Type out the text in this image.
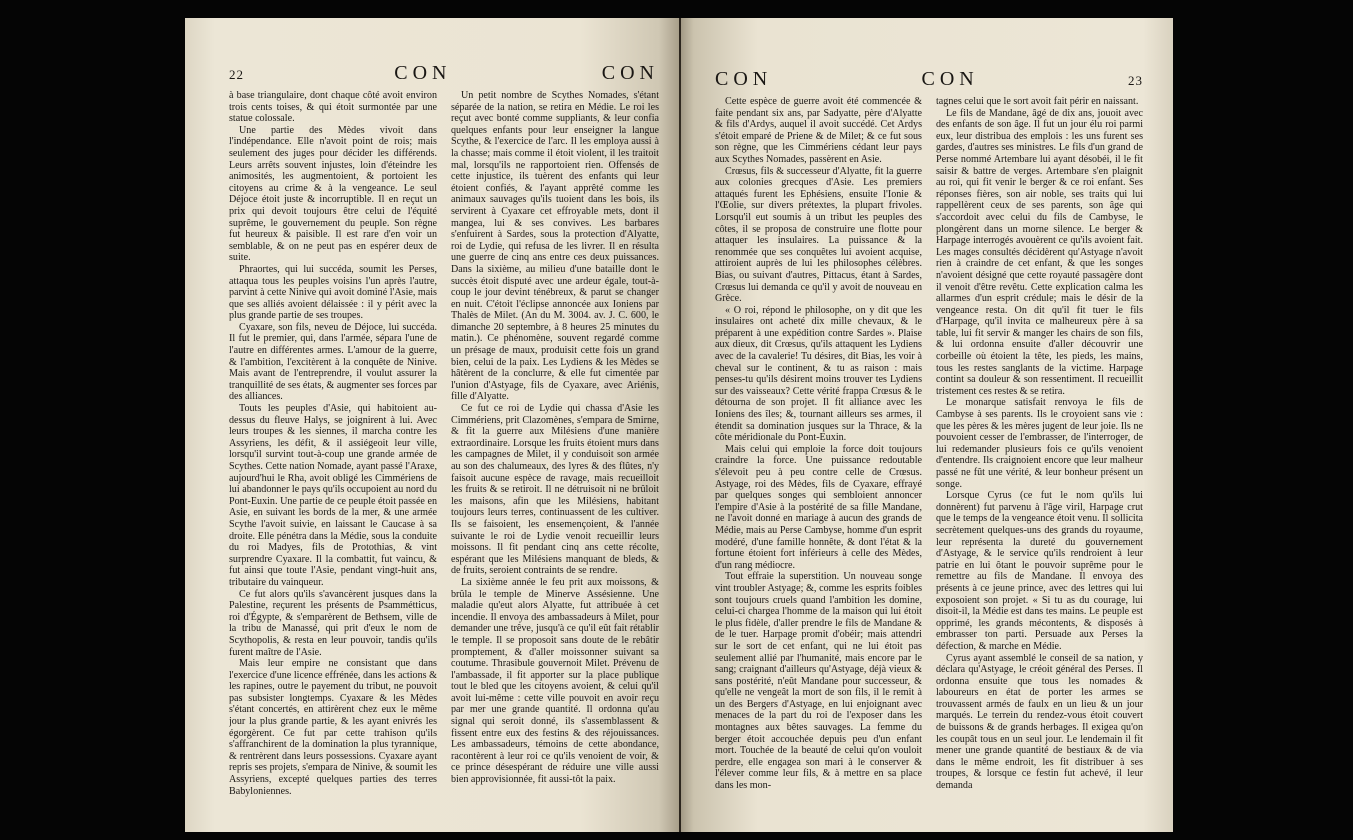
22	CON	CON

à base triangulaire, dont chaque côté avoit environ trois cents toises, & qui étoit surmontée par une statue colossale.

Une partie des Mèdes vivoit dans l'indépendance. Elle n'avoit point de rois; mais seulement des juges pour décider les différends. Leurs arrêts souvent injustes, loin d'éteindre les animosités, les augmentoient, & portoient les citoyens au crime & à la vengeance. Le seul Déjoce étoit juste & incorruptible. Il en reçut un prix qui devoit toujours être celui de l'équité suprême, le gouvernement du peuple. Son règne fut heureux & paisible. Il est rare d'en voir un semblable, & on ne peut pas en espérer deux de suite.

Phraortes, qui lui succéda, soumit les Perses, attaqua tous les peuples voisins l'un après l'autre, parvint à cette Ninive qui avoit dominé l'Asie, mais que ses alliés avoient délaissée : il y périt avec la plus grande partie de ses troupes.

Cyaxare, son fils, neveu de Déjoce, lui succéda. Il fut le premier, qui, dans l'armée, sépara l'une de l'autre en différentes armes. L'amour de la guerre, & l'ambition, l'excitèrent à la conquête de Ninive. Mais avant de l'entreprendre, il voulut assurer la tranquillité de ses états, & augmenter ses forces par des alliances.

Touts les peuples d'Asie, qui habitoient au-dessus du fleuve Halys, se joignirent à lui. Avec leurs troupes & les siennes, il marcha contre les Assyriens, les défit, & il assiégeoit leur ville, lorsqu'il survint tout-à-coup une grande armée de Scythes. Cette nation Nomade, ayant passé l'Araxe, aujourd'hui le Rha, avoit obligé les Cimmériens de lui abandonner le pays qu'ils occupoient au nord du Pont-Euxin. Une partie de ce peuple étoit passée en Asie, en suivant les bords de la mer, & une armée Scythe l'avoit suivie, en laissant le Caucase à sa droite. Elle pénétra dans la Médie, sous la conduite du roi Madyes, fils de Protothias, & vint surprendre Cyaxare. Il la combattit, fut vaincu, & fut ainsi que toute l'Asie, pendant vingt-huit ans, tributaire du vainqueur.

Ce fut alors qu'ils s'avancèrent jusques dans la Palestine, reçurent les présents de Psammétticus, roi d'Égypte, & s'emparèrent de Bethsem, ville de la tribu de Manassé, qui prit d'eux le nom de Scythopolis, & resta en leur pouvoir, tandis qu'ils furent maître de l'Asie.

Mais leur empire ne consistant que dans l'exercice d'une licence effrénée, dans les actions & les rapines, outre le payement du tribut, ne pouvoit pas subsister longtemps. Cyaxare & les Mèdes s'étant concertés, en attirèrent chez eux le même jour la plus grande partie, & les ayant enivrés les égorgèrent. Ce fut par cette trahison qu'ils s'affranchirent de la domination la plus tyrannique, & rentrèrent dans leurs possessions. Cyaxare ayant repris ses projets, s'empara de Ninive, & soumit les Assyriens, excepté quelques parties des terres Babyloniennes.

Un petit nombre de Scythes Nomades, s'étant séparée de la nation, se retira en Médie. Le roi les reçut avec bonté comme suppliants, & leur confia quelques enfants pour leur enseigner la langue Scythe, & l'exercice de l'arc. Il les employa aussi à la chasse; mais comme il étoit violent, il les traitoit mal, lorsqu'ils ne rapportoient rien. Offensés de cette injustice, ils tuèrent des enfants qui leur étoient confiés, & l'ayant apprêté comme les animaux sauvages qu'ils tuoient dans les bois, ils servirent à Cyaxare cet effroyable mets, dont il mangea, lui & ses convives. Les barbares s'enfuirent à Sardes, sous la protection d'Alyatte, roi de Lydie, qui refusa de les livrer. Il en résulta une guerre de cinq ans entre ces deux puissances. Dans la sixième, au milieu d'une bataille dont le succès étoit disputé avec une ardeur égale, tout-à-coup le jour devint ténébreux, & parut se changer en nuit. C'étoit l'éclipse annoncée aux Ioniens par Thalès de Milet. (An du M. 3004. av. J. C. 600, le dimanche 20 septembre, à 8 heures 25 minutes du matin.). Ce phénomène, souvent regardé comme un présage de maux, produisit cette fois un grand bien, celui de la paix. Les Lydiens & les Mèdes se hâtèrent de la conclurre, & elle fut cimentée par l'union d'Astyage, fils de Cyaxare, avec Ariénis, fille d'Alyatte.

Ce fut ce roi de Lydie qui chassa d'Asie les Cimmériens, prit Clazomènes, s'empara de Smirne, & fit la guerre aux Milésiens d'une manière extraordinaire. Lorsque les fruits étoient murs dans les campagnes de Milet, il y conduisoit son armée au son des chalumeaux, des lyres & des flûtes, n'y faisoit aucune espèce de ravage, mais recueilloit les fruits & se retiroit. Il ne détruisoit ni ne brûloit les maisons, afin que les Milésiens, habitant toujours leurs terres, continuassent de les cultiver. Ils se faisoient, les ensemençoient, & l'année suivante le roi de Lydie venoit recueillir leurs moissons. Il fit pendant cinq ans cette récolte, espérant que les Milésiens manquant de bleds, & de fruits, seroient contraints de se rendre.

La sixième année le feu prit aux moissons, & brûla le temple de Minerve Assésienne. Une maladie qu'eut alors Alyatte, fut attribuée à cet incendie. Il envoya des ambassadeurs à Milet, pour demander une trêve, jusqu'à ce qu'il eût fait rétablir le temple. Il se proposoit sans doute de le rebâtir promptement, & d'aller moissonner suivant sa coutume. Thrasibule gouvernoit Milet. Prévenu de l'ambassade, il fit apporter sur la place publique tout le bled que les citoyens avoient, & celui qu'il avoit lui-même : cette ville pouvoit en avoir reçu par mer une grande quantité. Il ordonna qu'au signal qui seroit donné, ils s'assemblassent & fissent entre eux des festins & des réjouissances. Les ambassadeurs, témoins de cette abondance, racontèrent à leur roi ce qu'ils venoient de voir, & ce prince désespérant de réduire une ville aussi bien approvisionnée, fit aussi-tôt la paix.

CON	CON	23

Cette espèce de guerre avoit été commencée & faite pendant six ans, par Sadyatte, père d'Alyatte & fils d'Ardys, auquel il avoit succédé. Cet Ardys s'étoit emparé de Priene & de Milet; & ce fut sous son règne, que les Cimmériens cédant leur pays aux Scythes Nomades, passèrent en Asie.

Crœsus, fils & successeur d'Alyatte, fit la guerre aux colonies grecques d'Asie. Les premiers attaqués furent les Ephésiens, ensuite l'Ionie & l'Œolie, sur divers prétextes, la plupart frivoles. Lorsqu'il eut soumis à un tribut les peuples des côtes, il se proposa de construire une flotte pour attaquer les insulaires. La puissance & la renommée que ses conquêtes lui avoient acquise, attiroient auprès de lui les philosophes célèbres. Bias, ou suivant d'autres, Pittacus, étant à Sardes, Crœsus lui demanda ce qu'il y avoit de nouveau en Grèce.

« O roi, répond le philosophe, on y dit que les insulaires ont acheté dix mille chevaux, & le préparent à une expédition contre Sardes ». Plaise aux dieux, dit Crœsus, qu'ils attaquent les Lydiens avec de la cavalerie! Tu désires, dit Bias, les voir à cheval sur le continent, & tu as raison : mais penses-tu qu'ils désirent moins trouver tes Lydiens sur des vaisseaux? Cette vérité frappa Crœsus & le détourna de son projet. Il fit alliance avec les Ioniens des îles; &, tournant ailleurs ses armes, il étendit sa domination jusques sur la Thrace, & la côte méridionale du Pont-Euxin.

Mais celui qui emploie la force doit toujours craindre la force. Une puissance redoutable s'élevoit peu à peu contre celle de Crœsus. Astyage, roi des Mèdes, fils de Cyaxare, effrayé par quelques songes qui sembloient annoncer l'empire d'Asie à la postérité de sa fille Mandane, ne l'avoit donné en mariage à aucun des grands de Médie, mais au Perse Cambyse, homme d'un esprit modéré, d'une famille honnête, & dont l'état & la fortune étoient fort inférieurs à celle des Mèdes, d'un rang médiocre.

Tout effraie la superstition. Un nouveau songe vint troubler Astyage; &, comme les esprits foibles sont toujours cruels quand l'ambition les domine, celui-ci chargea l'homme de la maison qui lui étoit le plus fidèle, d'aller prendre le fils de Mandane & de le tuer. Harpage promit d'obéir; mais attendri sur le sort de cet enfant, qui ne lui étoit pas seulement allié par l'humanité, mais encore par le sang; craignant d'ailleurs qu'Astyage, déjà vieux & sans postérité, n'eût Mandane pour successeur, & qu'elle ne vengeât la mort de son fils, il le remit à un des Bergers d'Astyage, en lui enjoignant avec menaces de la part du roi de l'exposer dans les montagnes aux bêtes sauvages. La femme du berger étoit accouchée depuis peu d'un enfant mort. Touchée de la beauté de celui qu'on vouloit perdre, elle engagea son mari à le conserver & l'élever comme leur fils, & à mettre en sa place dans les mon-

tagnes celui que le sort avoit fait périr en naissant.

Le fils de Mandane, âgé de dix ans, jouoit avec des enfants de son âge. Il fut un jour élu roi parmi eux, leur distribua des emplois : les uns furent ses gardes, d'autres ses ministres. Le fils d'un grand de Perse nommé Artembare lui ayant désobéi, il le fit saisir & battre de verges. Artembare s'en plaignit au roi, qui fit venir le berger & ce roi enfant. Ses réponses fières, son air noble, ses traits qui lui rappellèrent ceux de ses parents, son âge qui s'accordoit avec celui du fils de Cambyse, le plongèrent dans un morne silence. Le berger & Harpage interrogés avouèrent ce qu'ils avoient fait. Les mages consultés décidèrent qu'Astyage n'avoit rien à craindre de cet enfant, & que les songes n'avoient désigné que cette royauté passagère dont il venoit d'être revêtu. Cette explication calma les allarmes d'un esprit crédule; mais le désir de la vengeance resta. On dit qu'il fit tuer le fils d'Harpage, qu'il invita ce malheureux père à sa table, lui fit servir & manger les chairs de son fils, & lui ordonna ensuite d'aller découvrir une corbeille où étoient la tête, les pieds, les mains, tous les restes sanglants de la victime. Harpage contint sa douleur & son ressentiment. Il recueillit tristement ces restes & se retira.

Le monarque satisfait renvoya le fils de Cambyse à ses parents. Ils le croyoient sans vie : que les pères & les mères jugent de leur joie. Ils ne pouvoient cesser de l'embrasser, de l'interroger, de lui redemander plusieurs fois ce qu'ils venoient d'entendre. Ils craignoient encore que leur malheur passé ne fût une vérité, & leur bonheur présent un songe.

Lorsque Cyrus (ce fut le nom qu'ils lui donnèrent) fut parvenu à l'âge viril, Harpage crut que le temps de la vengeance étoit venu. Il sollicita secrètement quelques-uns des grands du royaume, leur représenta la dureté du gouvernement d'Astyage, & le service qu'ils rendroient à leur patrie en lui ôtant le pouvoir suprême pour le remettre au fils de Mandane. Il envoya des présents à ce jeune prince, avec des lettres qui lui exposoient son projet. « Si tu as du courage, lui disoit-il, la Médie est dans tes mains. Le peuple est opprimé, les grands mécontents, & disposés à embrasser ton parti. Persuade aux Perses la défection, & marche en Médie.

Cyrus ayant assemblé le conseil de sa nation, y déclara qu'Astyage, le créoit général des Perses. Il ordonna ensuite que tous les nomades & laboureurs en état de porter les armes se trouvassent armés de faulx en un lieu & un jour marqués. Le terrein du rendez-vous étoit couvert de buissons & de grands herbages. Il exigea qu'on les coupât tous en un seul jour. Le lendemain il fit mener une grande quantité de bestiaux & de via dans le même endroit, les fit distribuer à ses troupes, & lorsque ce festin fut achevé, il leur demanda
